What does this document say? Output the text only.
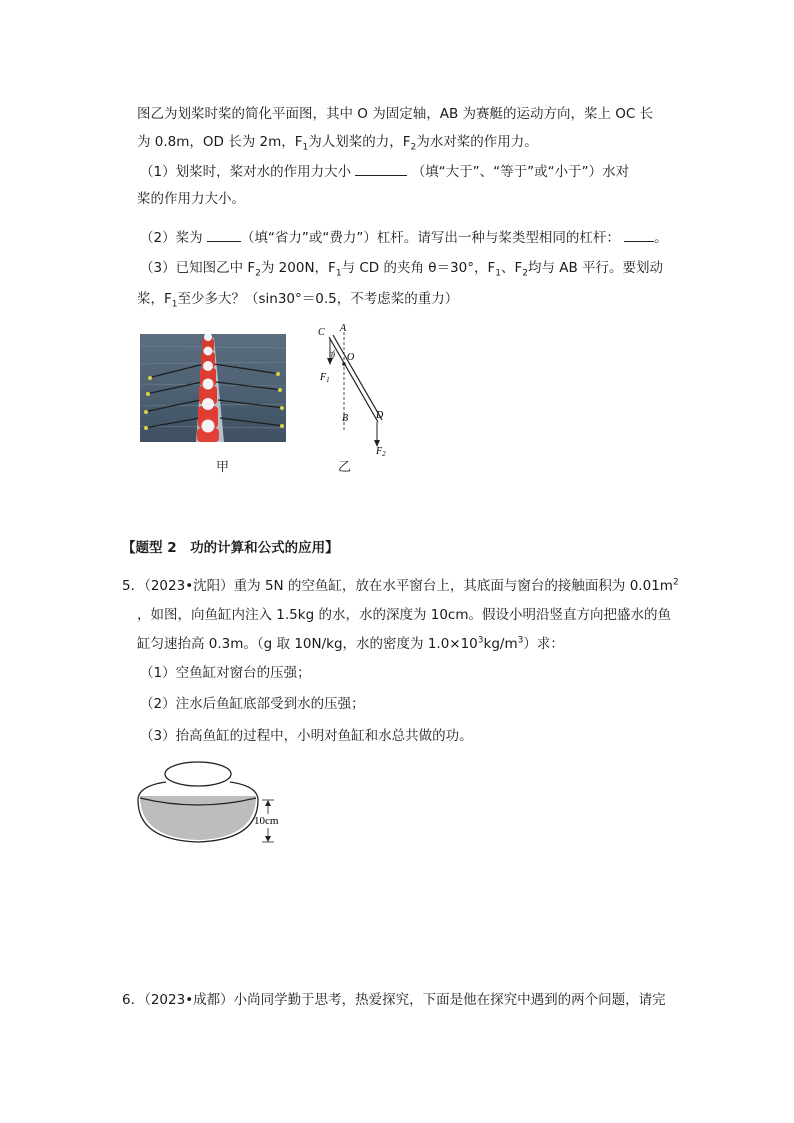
图乙为划桨时桨的简化平面图，其中 O 为固定轴，AB 为赛艇的运动方向，桨上 OC 长
为 0.8m，OD 长为 2m，$F_1$为人划桨的力，$F_2$为水对桨的作用力。
（1）划桨时，桨对水的作用力大小	（填“大于”、“等于”或“小于”）水对
桨的作用力大小。
（2）桨为	（填“省力”或“费力”）杠杆。请写出一种与桨类型相同的杠杆：	。
（3）已知图乙中 $F_2$为 200N，$F_1$与 CD 的夹角 θ＝30°，$F_1$、$F_2$均与 AB 平行。要划动
桨，$F_1$至少多大？（sin30°＝0.5，不考虑桨的重力）
甲
C A
O
θ
$F_1$
B	D
$F_2$
乙
【题型 2　功的计算和公式的应用】
5．（2023•沈阳）重为 5N 的空鱼缸，放在水平窗台上，其底面与窗台的接触面积为 $0.01m^2$
，如图，向鱼缸内注入 1.5kg 的水，水的深度为 10cm。假设小明沿竖直方向把盛水的鱼
缸匀速抬高 0.3m。（g 取 10N/kg，水的密度为 $1.0\times 10^3kg/m^3$）求：
（1）空鱼缸对窗台的压强；
（2）注水后鱼缸底部受到水的压强；
（3）抬高鱼缸的过程中，小明对鱼缸和水总共做的功。
10cm
6．（2023•成都）小尚同学勤于思考，热爱探究，下面是他在探究中遇到的两个问题，请完
